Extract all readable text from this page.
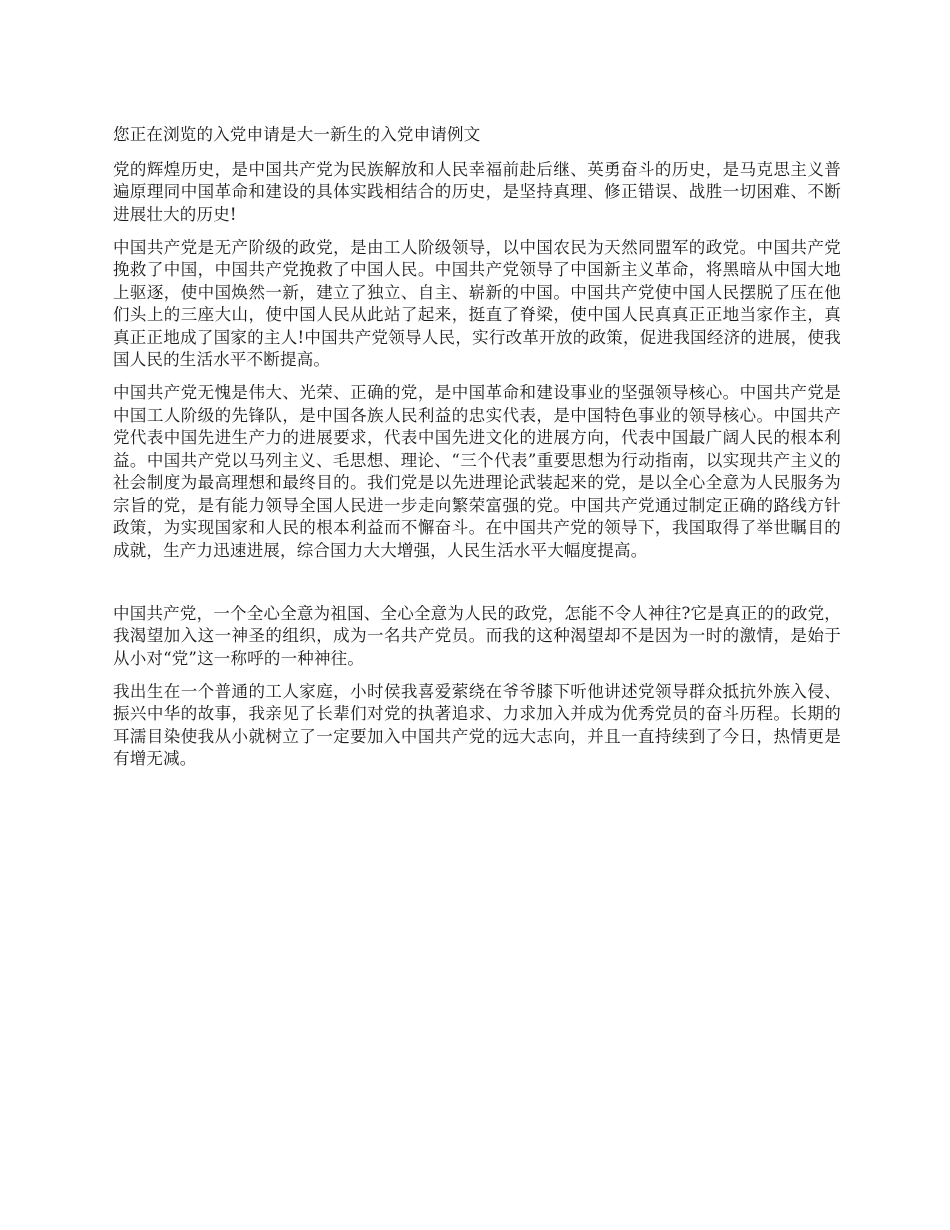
您正在浏览的入党申请是大一新生的入党申请例文

党的辉煌历史，是中国共产党为民族解放和人民幸福前赴后继、英勇奋斗的历史，是马克思主义普遍原理同中国革命和建设的具体实践相结合的历史，是坚持真理、修正错误、战胜一切困难、不断进展壮大的历史!

中国共产党是无产阶级的政党，是由工人阶级领导，以中国农民为天然同盟军的政党。中国共产党挽救了中国，中国共产党挽救了中国人民。中国共产党领导了中国新主义革命，将黑暗从中国大地上驱逐，使中国焕然一新，建立了独立、自主、崭新的中国。中国共产党使中国人民摆脱了压在他们头上的三座大山，使中国人民从此站了起来，挺直了脊梁，使中国人民真真正正地当家作主，真真正正地成了国家的主人!中国共产党领导人民，实行改革开放的政策，促进我国经济的进展，使我国人民的生活水平不断提高。

中国共产党无愧是伟大、光荣、正确的党，是中国革命和建设事业的坚强领导核心。中国共产党是中国工人阶级的先锋队，是中国各族人民利益的忠实代表，是中国特色事业的领导核心。中国共产党代表中国先进生产力的进展要求，代表中国先进文化的进展方向，代表中国最广阔人民的根本利益。中国共产党以马列主义、毛思想、理论、“三个代表”重要思想为行动指南，以实现共产主义的社会制度为最高理想和最终目的。我们党是以先进理论武装起来的党，是以全心全意为人民服务为宗旨的党，是有能力领导全国人民进一步走向繁荣富强的党。中国共产党通过制定正确的路线方针政策，为实现国家和人民的根本利益而不懈奋斗。在中国共产党的领导下，我国取得了举世瞩目的成就，生产力迅速进展，综合国力大大增强，人民生活水平大幅度提高。

中国共产党，一个全心全意为祖国、全心全意为人民的政党，怎能不令人神往?它是真正的的政党，我渴望加入这一神圣的组织，成为一名共产党员。而我的这种渴望却不是因为一时的激情，是始于从小对“党”这一称呼的一种神往。

我出生在一个普通的工人家庭，小时侯我喜爱萦绕在爷爷膝下听他讲述党领导群众抵抗外族入侵、振兴中华的故事，我亲见了长辈们对党的执著追求、力求加入并成为优秀党员的奋斗历程。长期的耳濡目染使我从小就树立了一定要加入中国共产党的远大志向，并且一直持续到了今日，热情更是有增无减。
